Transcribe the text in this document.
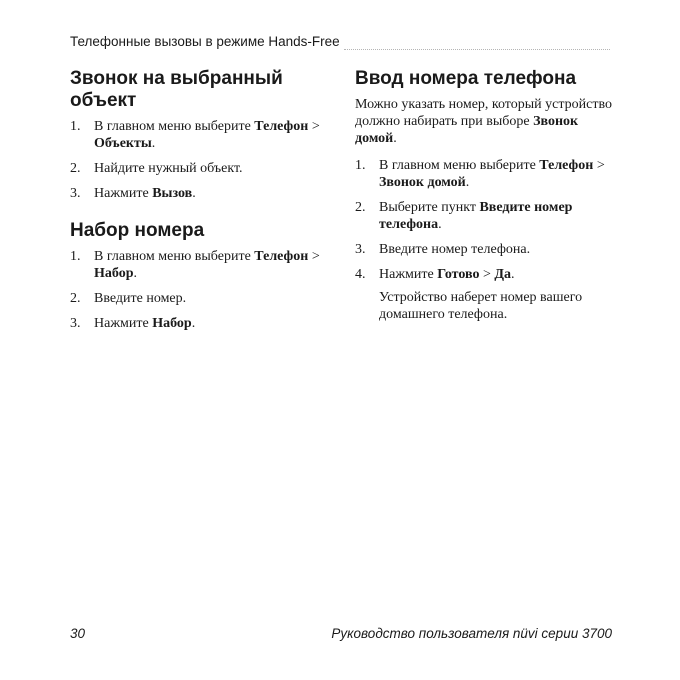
Телефонные вызовы в режиме Hands-Free
Звонок на выбранный
объект
1. В главном меню выберите Телефон > Объекты.
2. Найдите нужный объект.
3. Нажмите Вызов.
Набор номера
1. В главном меню выберите Телефон > Набор.
2. Введите номер.
3. Нажмите Набор.
Ввод номера телефона

Можно указать номер, который устройство должно набирать при выборе Звонок домой.

1. В главном меню выберите Телефон > Звонок домой.
2. Выберите пункт Введите номер телефона.
3. Введите номер телефона.
4. Нажмите Готово > Да.

Устройство наберет номер вашего домашнего телефона.

30	Руководство пользователя nüvi серии 3700
